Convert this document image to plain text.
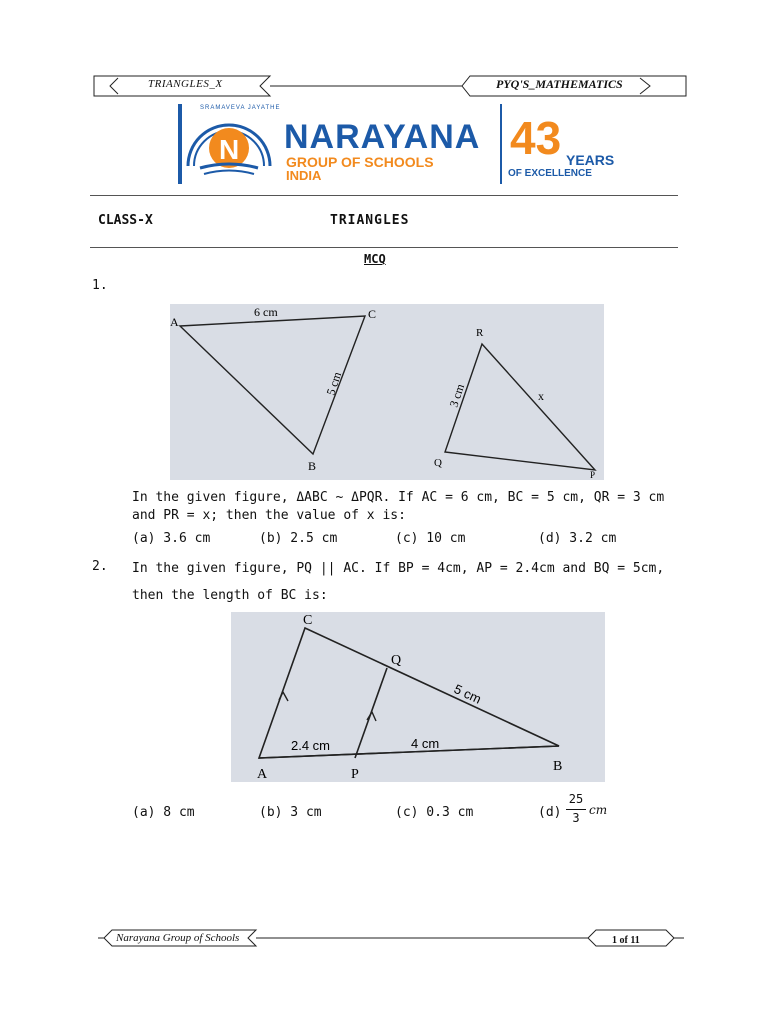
TRIANGLES_X	PYQ'S_MATHEMATICS
N	43
SRAMAVEVA JAYATHE
NARAYANA
GROUP OF SCHOOLS
INDIA
YEARS
OF EXCELLENCE
CLASS-X	TRIANGLES
MCQ
1.
A
C
B
6 cm
5 cm
R
Q
P
3 cm	x
In the given figure, ΔABC ~ ΔPQR. If AC = 6 cm, BC = 5 cm, QR = 3 cm
and PR = x; then the value of x is:
(a) 3.6 cm	(b) 2.5 cm	(c) 10 cm	(d) 3.2 cm
2. In the given figure, PQ || AC. If BP = 4cm, AP = 2.4cm and BQ = 5cm,
then the length of BC is:
C
Q
A	P
B
2.4 cm	4 cm
5 cm
(a) 8 cm	(b) 3 cm	(c) 0.3 cm	(d)
25
3
cm
Narayana Group of Schools	1 of 11
